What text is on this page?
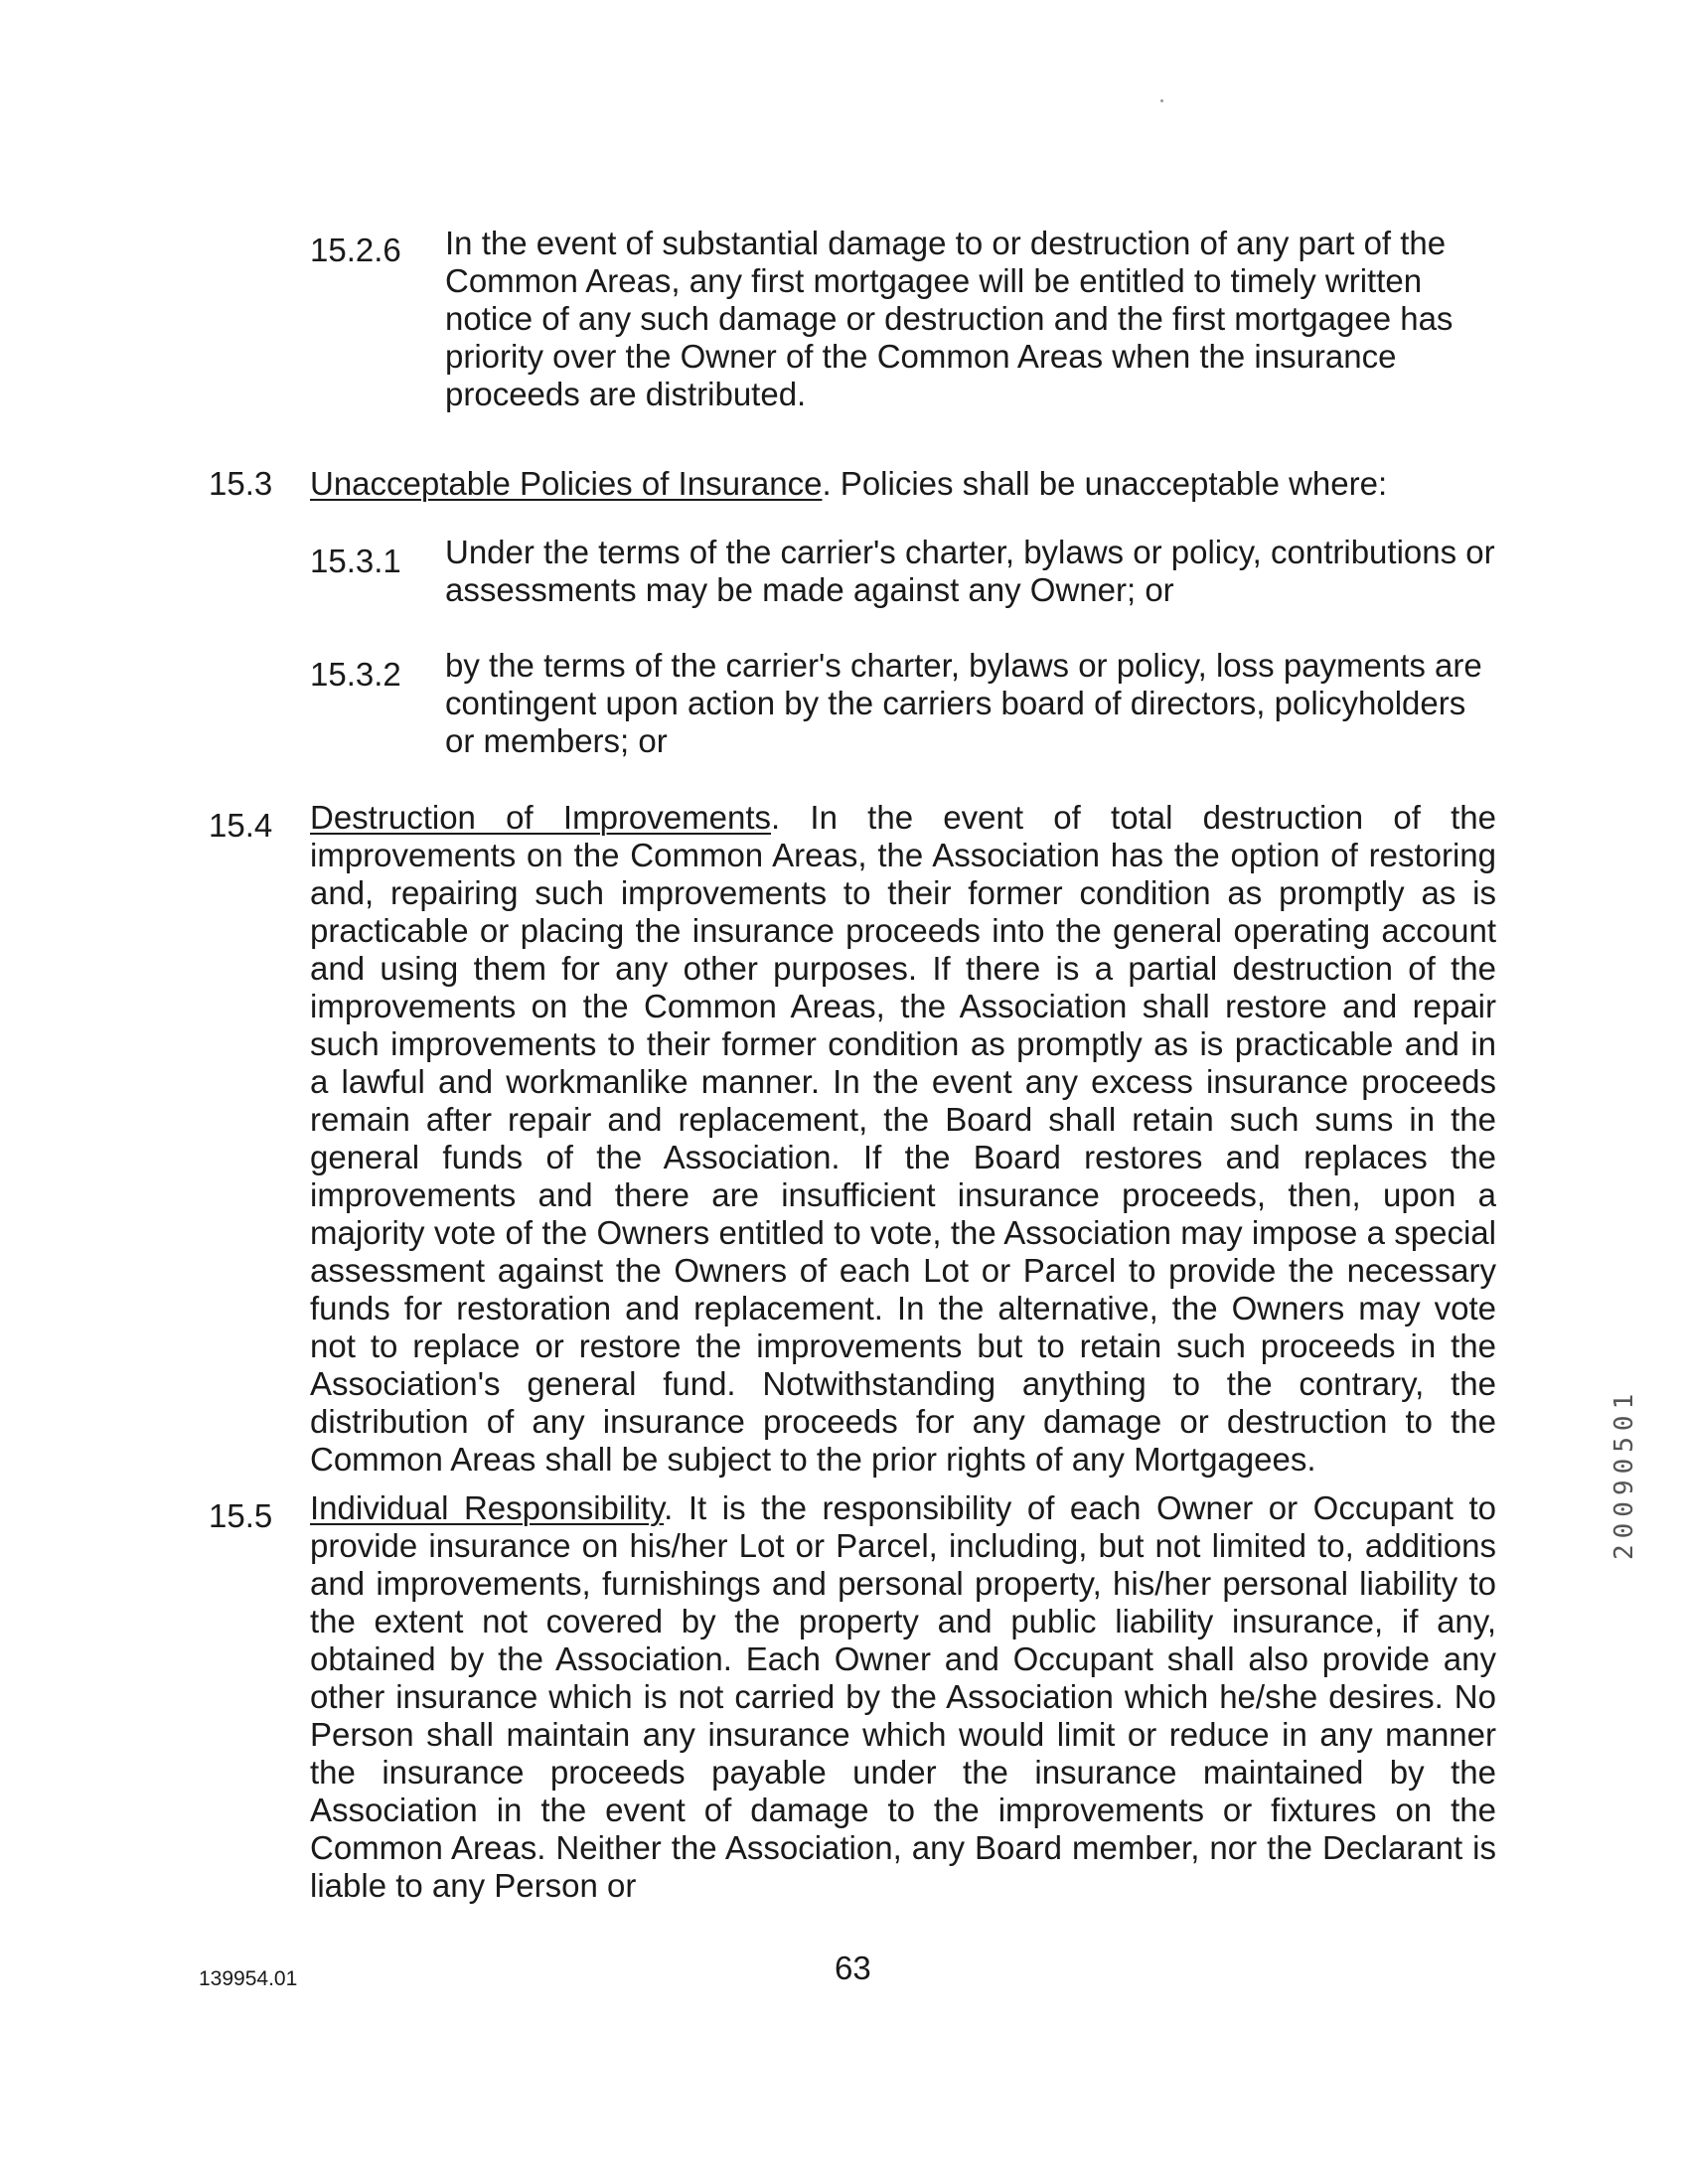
15.2.6 In the event of substantial damage to or destruction of any part of the Common Areas, any first mortgagee will be entitled to timely written notice of any such damage or destruction and the first mortgagee has priority over the Owner of the Common Areas when the insurance proceeds are distributed.
15.3 Unacceptable Policies of Insurance. Policies shall be unacceptable where:
15.3.1 Under the terms of the carrier's charter, bylaws or policy, contributions or assessments may be made against any Owner; or
15.3.2 by the terms of the carrier's charter, bylaws or policy, loss payments are contingent upon action by the carriers board of directors, policyholders or members; or
15.4 Destruction of Improvements. In the event of total destruction of the improvements on the Common Areas, the Association has the option of restoring and, repairing such improvements to their former condition as promptly as is practicable or placing the insurance proceeds into the general operating account and using them for any other purposes. If there is a partial destruction of the improvements on the Common Areas, the Association shall restore and repair such improvements to their former condition as promptly as is practicable and in a lawful and workmanlike manner. In the event any excess insurance proceeds remain after repair and replacement, the Board shall retain such sums in the general funds of the Association. If the Board restores and replaces the improvements and there are insufficient insurance proceeds, then, upon a majority vote of the Owners entitled to vote, the Association may impose a special assessment against the Owners of each Lot or Parcel to provide the necessary funds for restoration and replacement. In the alternative, the Owners may vote not to replace or restore the improvements but to retain such proceeds in the Association's general fund. Notwithstanding anything to the contrary, the distribution of any insurance proceeds for any damage or destruction to the Common Areas shall be subject to the prior rights of any Mortgagees.
15.5 Individual Responsibility. It is the responsibility of each Owner or Occupant to provide insurance on his/her Lot or Parcel, including, but not limited to, additions and improvements, furnishings and personal property, his/her personal liability to the extent not covered by the property and public liability insurance, if any, obtained by the Association. Each Owner and Occupant shall also provide any other insurance which is not carried by the Association which he/she desires. No Person shall maintain any insurance which would limit or reduce in any manner the insurance proceeds payable under the insurance maintained by the Association in the event of damage to the improvements or fixtures on the Common Areas. Neither the Association, any Board member, nor the Declarant is liable to any Person or
139954.01	63
20090501
